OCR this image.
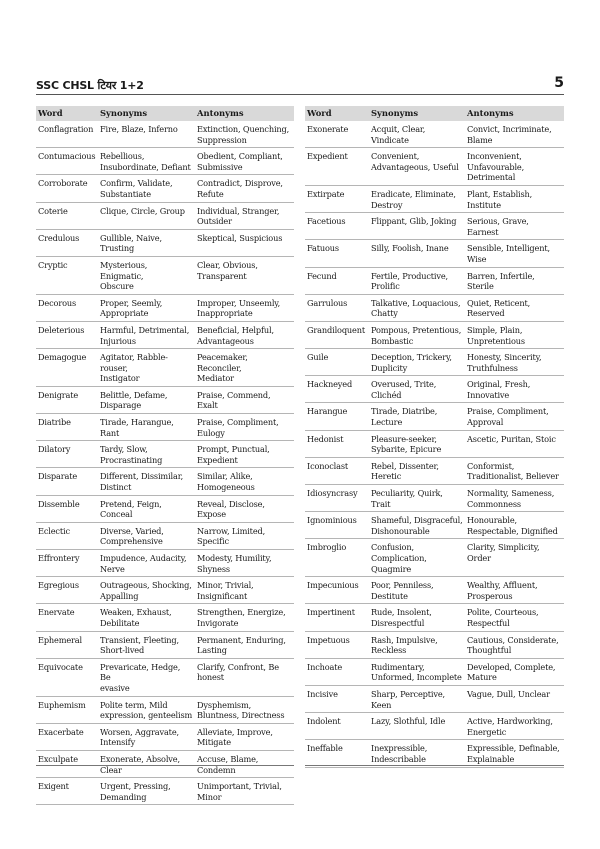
SSC CHSL टियर 1+2	5
Word	Synonyms	Antonyms
Conflagration	Fire, Blaze, Inferno	Extinction, Quenching,
Suppression
Contumacious	Rebellious,
Insubordinate, Defiant	Obedient, Compliant,
Submissive
Corroborate	Confirm, Validate,
Substantiate	Contradict, Disprove,
Refute
Coterie	Clique, Circle, Group	Individual, Stranger,
Outsider
Credulous	Gullible, Naive,
Trusting	Skeptical, Suspicious
Cryptic	Mysterious, Enigmatic,
Obscure	Clear, Obvious,
Transparent
Decorous	Proper, Seemly,
Appropriate	Improper, Unseemly,
Inappropriate
Deleterious	Harmful, Detrimental,
Injurious	Beneficial, Helpful,
Advantageous
Demagogue	Agitator, Rabble-rouser,
Instigator	Peacemaker, Reconciler,
Mediator
Denigrate	Belittle, Defame,
Disparage	Praise, Commend, Exalt
Diatribe	Tirade, Harangue, Rant	Praise, Compliment,
Eulogy
Dilatory	Tardy, Slow,
Procrastinating	Prompt, Punctual,
Expedient
Disparate	Different, Dissimilar,
Distinct	Similar, Alike,
Homogeneous
Dissemble	Pretend, Feign, Conceal	Reveal, Disclose, Expose
Eclectic	Diverse, Varied,
Comprehensive	Narrow, Limited,
Specific
Effrontery	Impudence, Audacity,
Nerve	Modesty, Humility,
Shyness
Egregious	Outrageous, Shocking,
Appalling	Minor, Trivial,
Insignificant
Enervate	Weaken, Exhaust,
Debilitate	Strengthen, Energize,
Invigorate
Ephemeral	Transient, Fleeting,
Short-lived	Permanent, Enduring,
Lasting
Equivocate	Prevaricate, Hedge, Be
evasive	Clarify, Confront, Be
honest
Euphemism	Polite term, Mild
expression, genteelism	Dysphemism,
Bluntness, Directness
Exacerbate	Worsen, Aggravate,
Intensify	Alleviate, Improve,
Mitigate
Exculpate	Exonerate, Absolve,
Clear	Accuse, Blame,
Condemn
Exigent	Urgent, Pressing,
Demanding	Unimportant, Trivial,
Minor
Word	Synonyms	Antonyms
Exonerate	Acquit, Clear, Vindicate	Convict, Incriminate,
Blame
Expedient	Convenient,
Advantageous, Useful	Inconvenient,
Unfavourable,
Detrimental
Extirpate	Eradicate, Eliminate,
Destroy	Plant, Establish,
Institute
Facetious	Flippant, Glib, Joking	Serious, Grave, Earnest
Fatuous	Silly, Foolish, Inane	Sensible, Intelligent,
Wise
Fecund	Fertile, Productive,
Prolific	Barren, Infertile, Sterile
Garrulous	Talkative, Loquacious,
Chatty	Quiet, Reticent,
Reserved
Grandiloquent	Pompous, Pretentious,
Bombastic	Simple, Plain,
Unpretentious
Guile	Deception, Trickery,
Duplicity	Honesty, Sincerity,
Truthfulness
Hackneyed	Overused, Trite,
Clichéd	Original, Fresh,
Innovative
Harangue	Tirade, Diatribe,
Lecture	Praise, Compliment,
Approval
Hedonist	Pleasure-seeker,
Sybarite, Epicure	Ascetic, Puritan, Stoic
Iconoclast	Rebel, Dissenter,
Heretic	Conformist,
Traditionalist, Believer
Idiosyncrasy	Peculiarity, Quirk,
Trait	Normality, Sameness,
Commonness
Ignominious	Shameful, Disgraceful,
Dishonourable	Honourable,
Respectable, Dignified
Imbroglio	Confusion,
Complication,
Quagmire	Clarity, Simplicity,
Order
Impecunious	Poor, Penniless,
Destitute	Wealthy, Affluent,
Prosperous
Impertinent	Rude, Insolent,
Disrespectful	Polite, Courteous,
Respectful
Impetuous	Rash, Impulsive,
Reckless	Cautious, Considerate,
Thoughtful
Inchoate	Rudimentary,
Unformed, Incomplete	Developed, Complete,
Mature
Incisive	Sharp, Perceptive,
Keen	Vague, Dull, Unclear
Indolent	Lazy, Slothful, Idle	Active, Hardworking,
Energetic
Ineffable	Inexpressible,
Indescribable	Expressible, Definable,
Explainable
